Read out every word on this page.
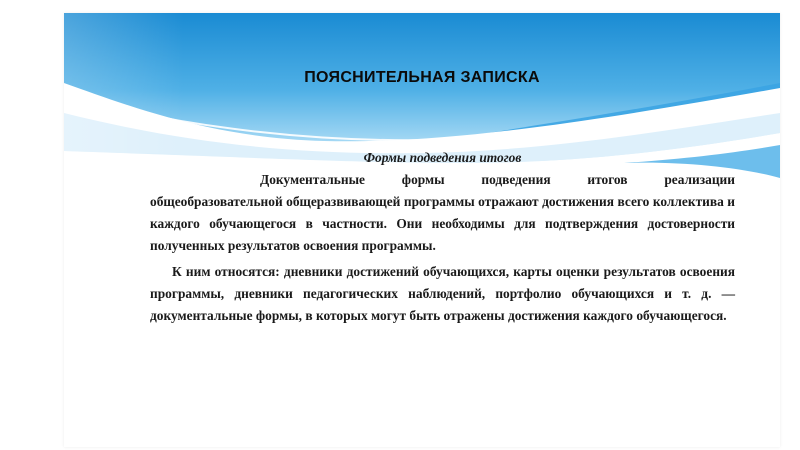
ПОЯСНИТЕЛЬНАЯ ЗАПИСКА

Формы подведения итогов

Документальные формы подведения итогов реализации общеобразовательной общеразвивающей программы отражают достижения всего коллектива и каждого обучающегося в частности. Они необходимы для подтверждения достоверности полученных результатов освоения программы.

К ним относятся: дневники достижений обучающихся, карты оценки результатов освоения программы, дневники педагогических наблюдений, портфолио обучающихся и т. д. — документальные формы, в которых могут быть отражены достижения каждого обучающегося.
